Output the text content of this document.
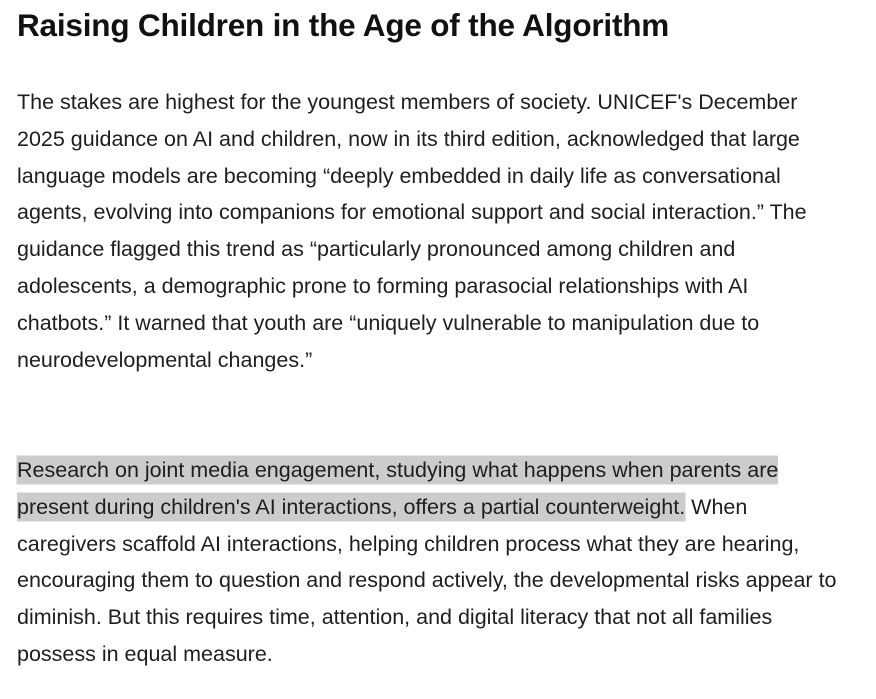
Raising Children in the Age of the Algorithm

The stakes are highest for the youngest members of society. UNICEF's December 2025 guidance on AI and children, now in its third edition, acknowledged that large language models are becoming “deeply embedded in daily life as conversational agents, evolving into companions for emotional support and social interaction.” The guidance flagged this trend as “particularly pronounced among children and adolescents, a demographic prone to forming parasocial relationships with AI chatbots.” It warned that youth are “uniquely vulnerable to manipulation due to neurodevelopmental changes.”

Research on joint media engagement, studying what happens when parents are present during children's AI interactions, offers a partial counterweight. When caregivers scaffold AI interactions, helping children process what they are hearing, encouraging them to question and respond actively, the developmental risks appear to diminish. But this requires time, attention, and digital literacy that not all families possess in equal measure.
